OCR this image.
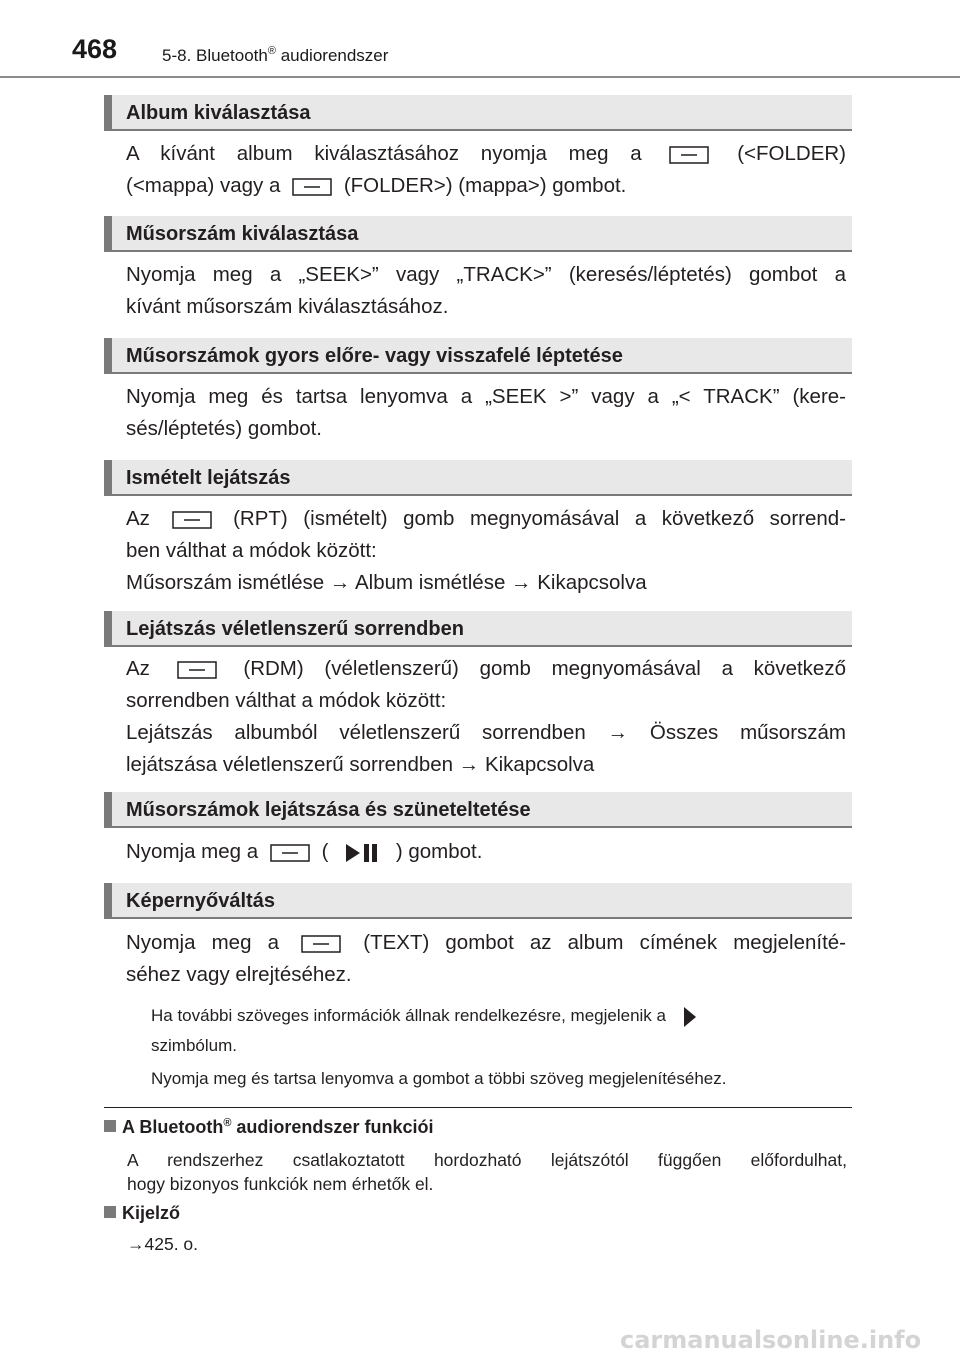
468	5-8. Bluetooth® audiorendszer
Album kiválasztása
A kívánt album kiválasztásához nyomja meg a	(<FOLDER)
(<mappa) vagy a	(FOLDER>) (mappa>) gombot.
Műsorszám kiválasztása
Nyomja meg a „SEEK>” vagy „TRACK>” (keresés/léptetés) gombot a
kívánt műsorszám kiválasztásához.
Műsorszámok gyors előre- vagy visszafelé léptetése
Nyomja meg és tartsa lenyomva a „SEEK >” vagy a „< TRACK” (kere-
sés/léptetés) gombot.
Ismételt lejátszás
Az	(RPT) (ismételt) gomb megnyomásával a következő sorrend-
ben válthat a módok között:
Műsorszám ismétlése → Album ismétlése → Kikapcsolva
Lejátszás véletlenszerű sorrendben
Az	(RDM) (véletlenszerű) gomb megnyomásával a következő
sorrendben válthat a módok között:
Lejátszás albumból véletlenszerű sorrendben → Összes műsorszám
lejátszása véletlenszerű sorrendben → Kikapcsolva
Műsorszámok lejátszása és szüneteltetése
Nyomja meg a	(	) gombot.
Képernyőváltás
Nyomja meg a	(TEXT) gombot az album címének megjeleníté-
séhez vagy elrejtéséhez.
Ha további szöveges információk állnak rendelkezésre, megjelenik a
szimbólum.
Nyomja meg és tartsa lenyomva a gombot a többi szöveg megjelenítéséhez.
A Bluetooth® audiorendszer funkciói
A rendszerhez csatlakoztatott hordozható lejátszótól függően előfordulhat,
hogy bizonyos funkciók nem érhetők el.
Kijelző
→425. o.
carmanualsonline.info
